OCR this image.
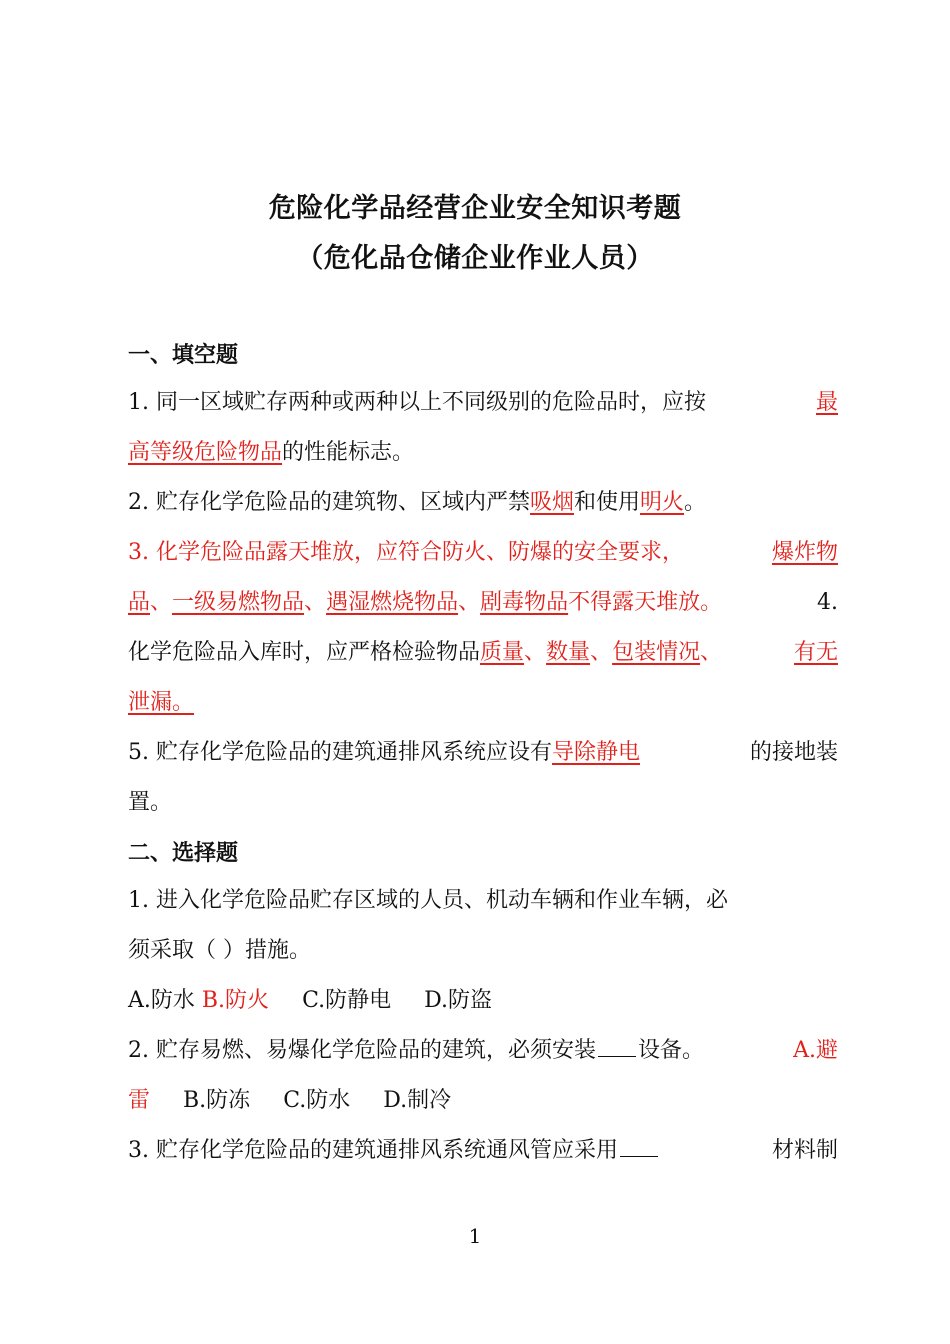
危险化学品经营企业安全知识考题
（危化品仓储企业作业人员）
一、填空题
1. 同一区域贮存两种或两种以上不同级别的危险品时，应按	最
高等级危险物品的性能标志。
2. 贮存化学危险品的建筑物、区域内严禁吸烟和使用明火。
3. 化学危险品露天堆放，应符合防火、防爆的安全要求，	爆炸物
品、一级易燃物品、遇湿燃烧物品、剧毒物品不得露天堆放。	4.
化学危险品入库时，应严格检验物品质量、数量、包装情况、	有无
泄漏。
5. 贮存化学危险品的建筑通排风系统应设有导除静电	的接地装
置。
二、选择题
1. 进入化学危险品贮存区域的人员、机动车辆和作业车辆，必
须采取（ ）措施。
A.防水 B.防火 C.防静电 D.防盗
2. 贮存易燃、易爆化学危险品的建筑，必须安装 设备。	A.避
雷 B.防冻 C.防水 D.制冷
3. 贮存化学危险品的建筑通排风系统通风管应采用	材料制
1
